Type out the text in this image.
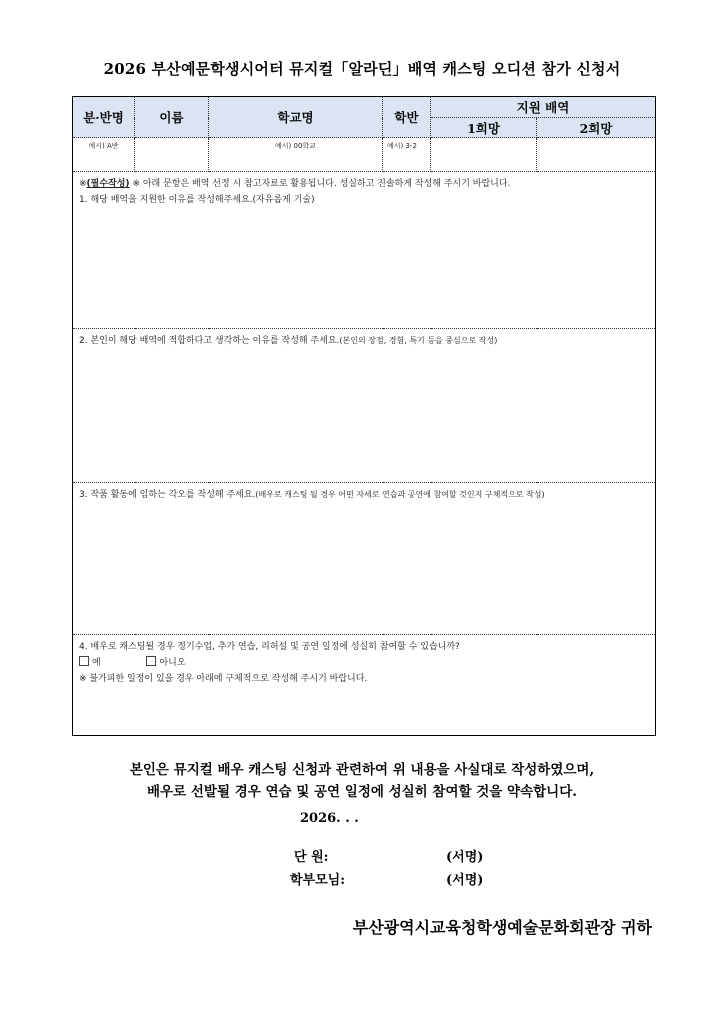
2026 부산예문학생시어터 뮤지컬「알라딘」배역 캐스팅 오디션 참가 신청서
분·반명	이름	학교명	학반	지원 배역	
				1희망	2희망
예시) A반		예시) 00학교	예시) 3-2		

※(필수작성) ※ 아래 문항은 배역 선정 시 참고자료로 활용됩니다. 성실하고 진솔하게 작성해 주시기 바랍니다.
1. 해당 배역을 지원한 이유를 작성해주세요.(자유롭게 기술)					

2. 본인이 해당 배역에 적합하다고 생각하는 이유를 작성해 주세요.(본인의 장점, 경험, 특기 등을 중심으로 작성)					

3. 작품 활동에 임하는 각오를 작성해 주세요.(배우로 캐스팅 될 경우 어떤 자세로 연습과 공연에 참여할 것인지 구체적으로 작성)					

4. 배우로 캐스팅될 경우 정기수업, 추가 연습, 리허설 및 공연 일정에 성실히 참여할 수 있습니까?
예 아니오
※ 불가피한 일정이 있을 경우 아래에 구체적으로 작성해 주시기 바랍니다.					
본인은 뮤지컬 배우 캐스팅 신청과 관련하여 위 내용을 사실대로 작성하였으며,
배우로 선발될 경우 연습 및 공연 일정에 성실히 참여할 것을 약속합니다.
2026. . .
단 원:	(서명)
학부모님:	(서명)
부산광역시교육청학생예술문화회관장 귀하
